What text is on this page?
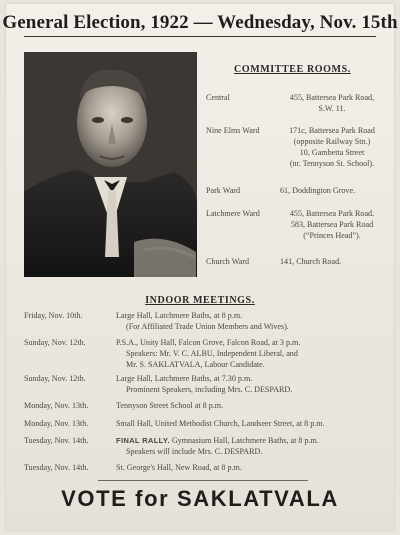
General Election, 1922 — Wednesday, Nov. 15th
COMMITTEE ROOMS.
Central	455, Battersea Park Road,
S.W. 11.
Nine Elms Ward	171c, Battersea Park Road
(opposite Railway Stn.)
10, Gambetta Street
(nr. Tennyson St. School).
Park Ward	61, Doddington Grove.
Latchmere Ward	455, Battersea Park Road.
583, Battersea Park Road
(“Princes Head”).
Church Ward	141, Church Road.
INDOOR MEETINGS.
Friday, Nov. 10th.	Large Hall, Latchmere Baths, at 8 p.m.
(For Affiliated Trade Union Members and Wives).
Sunday, Nov. 12th.	P.S.A., Unity Hall, Falcon Grove, Falcon Road, at 3 p.m.
Speakers: Mr. V. C. ALBU, Independent Liberal, and
Mr. S. SAKLATVALA, Labour Candidate.
Sunday, Nov. 12th.	Large Hall, Latchmere Baths, at 7.30 p.m.
Prominent Speakers, including Mrs. C. DESPARD.
Monday, Nov. 13th.	Tennyson Street School at 8 p.m.
Monday, Nov. 13th.	Small Hall, United Methodist Church, Landseer Street, at 8 p.m.
Tuesday, Nov. 14th.	FINAL RALLY. Gymnasium Hall, Latchmere Baths, at 8 p.m.
Speakers will include Mrs. C. DESPARD.
Tuesday, Nov. 14th.	St. George's Hall, New Road, at 8 p.m.
VOTE for SAKLATVALA
